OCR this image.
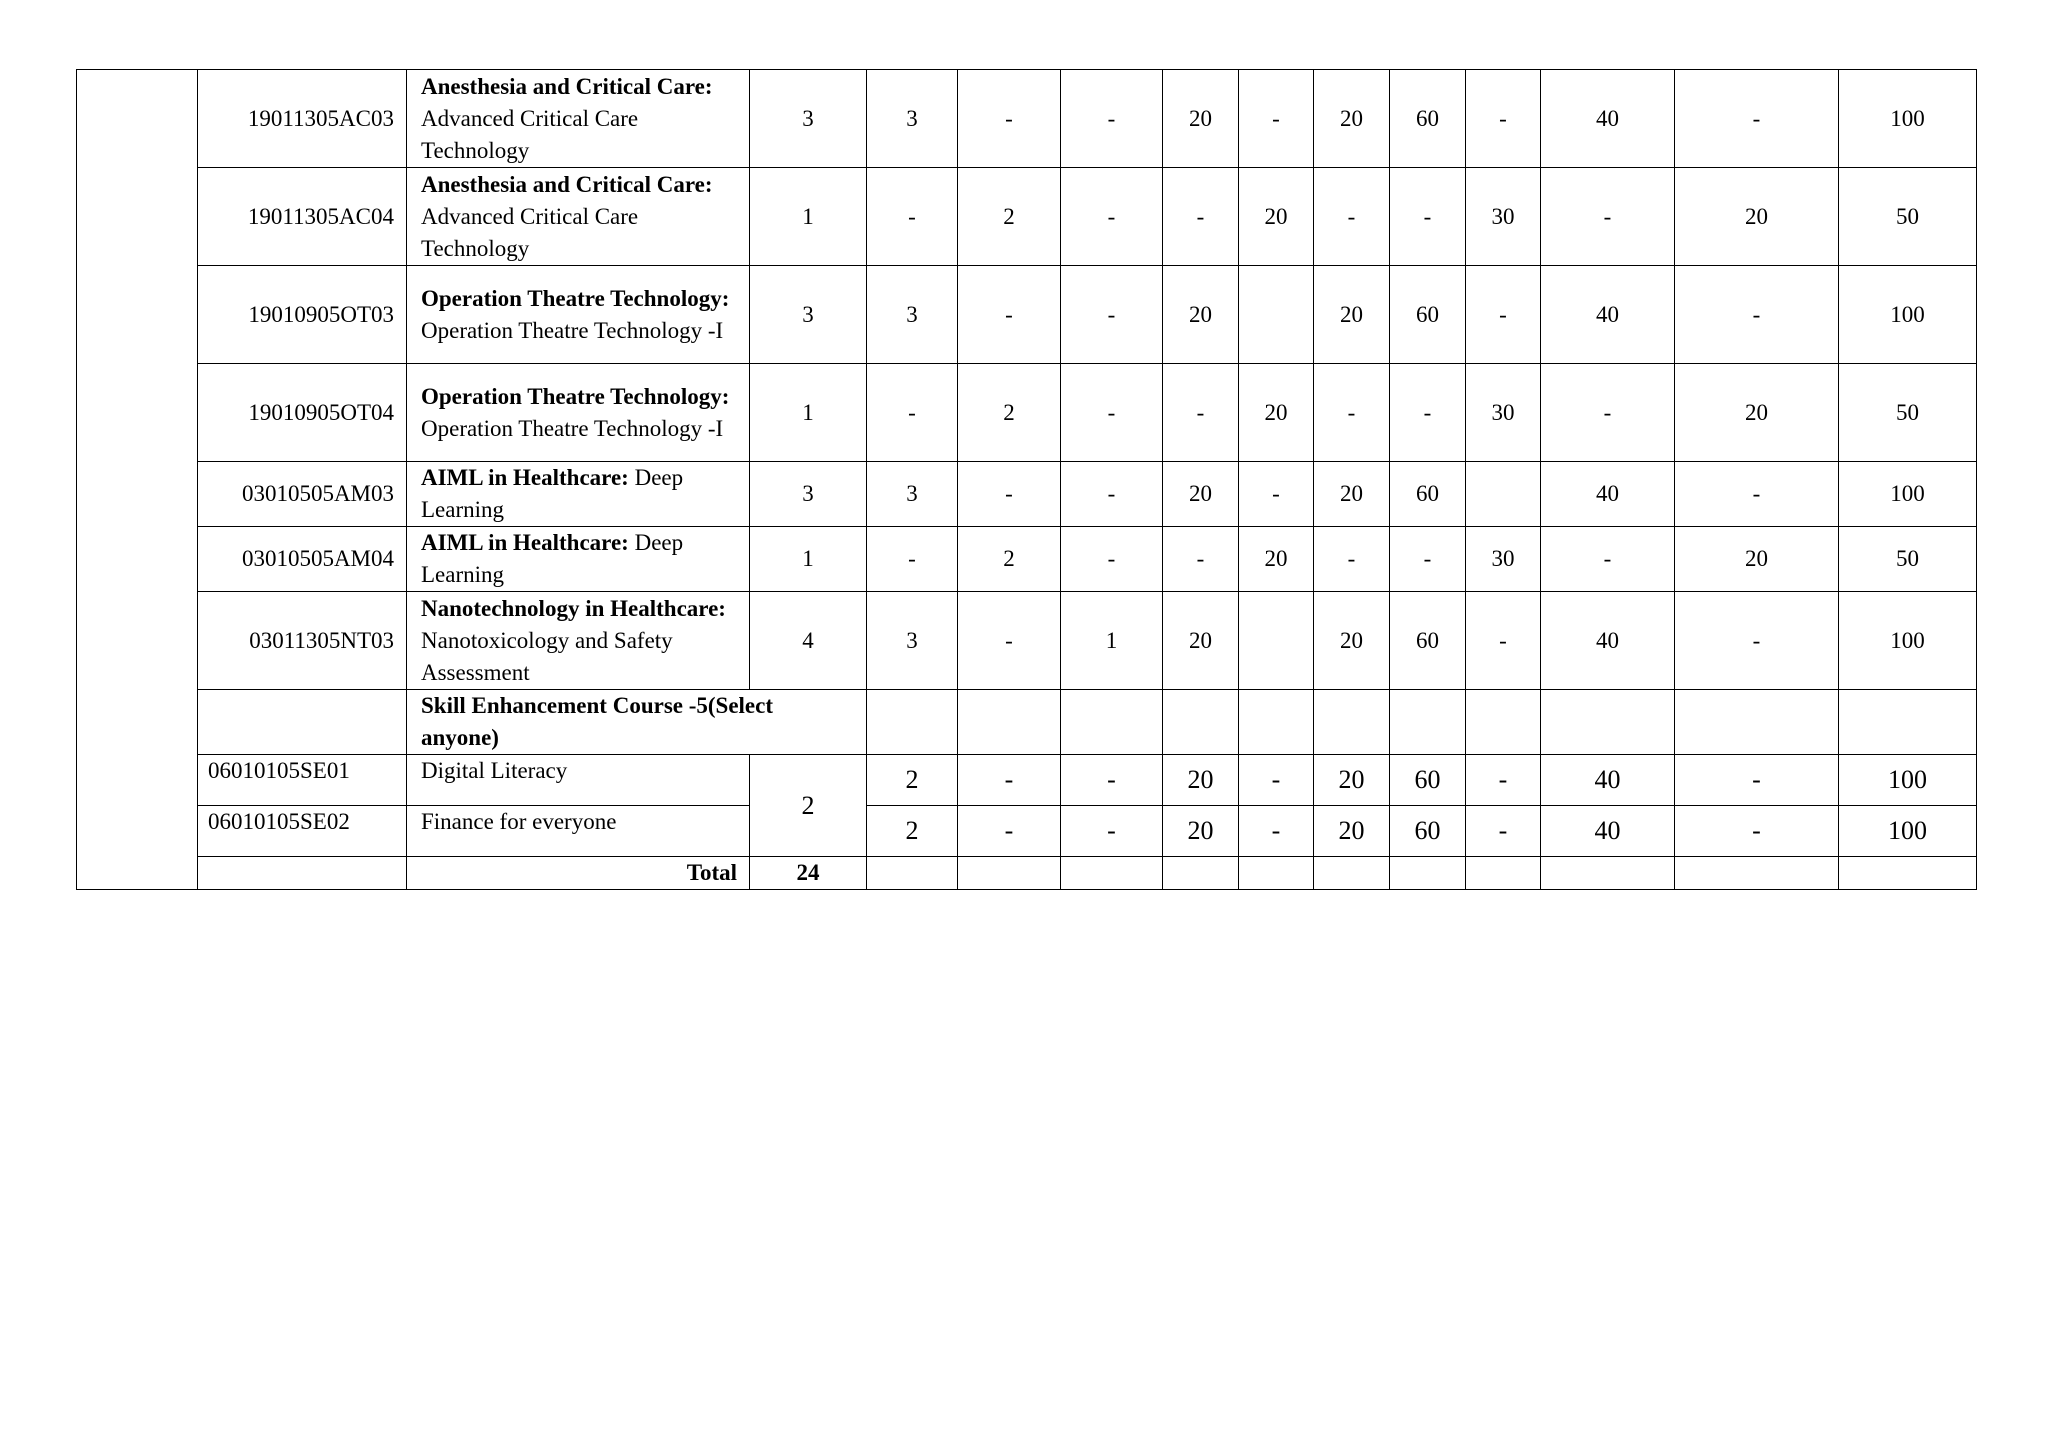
	19011305AC03	Anesthesia and Critical Care: Advanced Critical Care Technology	3	3	-	-	20	-	20	60	-	40	-	100
	19011305AC04	Anesthesia and Critical Care: Advanced Critical Care Technology	1	-	2	-	-	20	-	-	30	-	20	50
	19010905OT03	Operation Theatre Technology: Operation Theatre Technology -I	3	3	-	-	20		20	60	-	40	-	100
	19010905OT04	Operation Theatre Technology: Operation Theatre Technology -I	1	-	2	-	-	20	-	-	30	-	20	50
	03010505AM03	AIML in Healthcare: Deep Learning	3	3	-	-	20	-	20	60		40	-	100
	03010505AM04	AIML in Healthcare: Deep Learning	1	-	2	-	-	20	-	-	30	-	20	50
	03011305NT03	Nanotechnology in Healthcare: Nanotoxicology and Safety Assessment	4	3	-	1	20		20	60	-	40	-	100
		Skill Enhancement Course -5(Select anyone)												
	06010105SE01	Digital Literacy	2	2	-	-	20	-	20	60	-	40	-	100
	06010105SE02	Finance for everyone		2	-	-	20	-	20	60	-	40	-	100
		Total	24											
